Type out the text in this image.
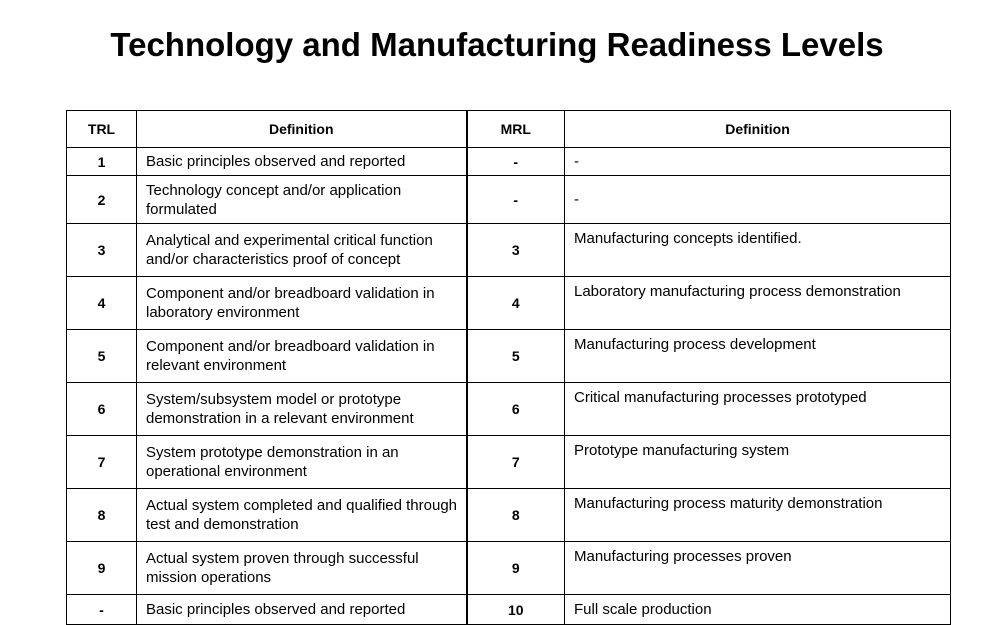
Technology and Manufacturing Readiness Levels
TRL	Definition	MRL	Definition
1	Basic principles observed and reported	-	-
2	Technology concept and/or application formulated	-	-
3	Analytical and experimental critical function and/or characteristics proof of concept	3	Manufacturing concepts identified.
4	Component and/or breadboard validation in laboratory environment	4	Laboratory manufacturing process demonstration
5	Component and/or breadboard validation in relevant environment	5	Manufacturing process development
6	System/subsystem model or prototype demonstration in a relevant environment	6	Critical manufacturing processes prototyped
7	System prototype demonstration in an operational environment	7	Prototype manufacturing system
8	Actual system completed and qualified through test and demonstration	8	Manufacturing process maturity demonstration
9	Actual system proven through successful mission operations	9	Manufacturing processes proven
-	Basic principles observed and reported	10	Full scale production
